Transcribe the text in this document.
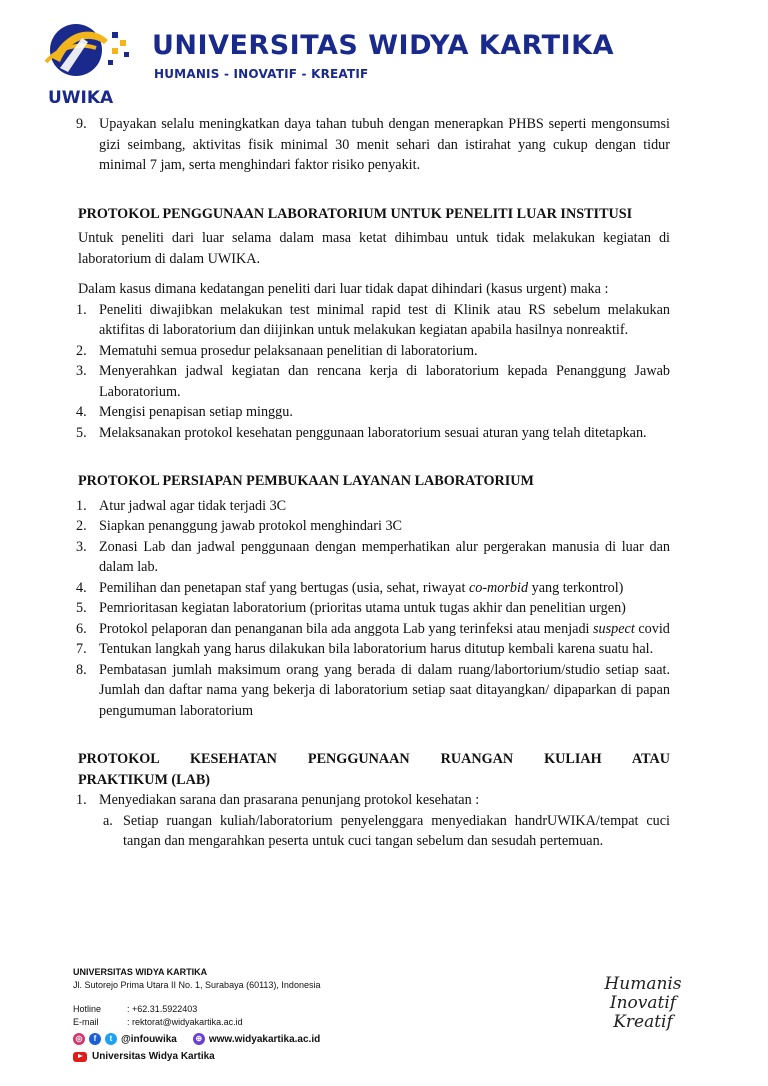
UWIKA
UNIVERSITAS WIDYA KARTIKA
HUMANIS - INOVATIF - KREATIF
9. Upayakan selalu meningkatkan daya tahan tubuh dengan menerapkan PHBS seperti mengonsumsi gizi seimbang, aktivitas fisik minimal 30 menit sehari dan istirahat yang cukup dengan tidur minimal 7 jam, serta menghindari faktor risiko penyakit.

PROTOKOL PENGGUNAAN LABORATORIUM UNTUK PENELITI LUAR INSTITUSI

Untuk peneliti dari luar selama dalam masa ketat dihimbau untuk tidak melakukan kegiatan di laboratorium di dalam UWIKA.

Dalam kasus dimana kedatangan peneliti dari luar tidak dapat dihindari (kasus urgent) maka :

1. Peneliti diwajibkan melakukan test minimal rapid test di Klinik atau RS sebelum melakukan aktifitas di laboratorium dan diijinkan untuk melakukan kegiatan apabila hasilnya nonreaktif.
2. Mematuhi semua prosedur pelaksanaan penelitian di laboratorium.
3. Menyerahkan jadwal kegiatan dan rencana kerja di laboratorium kepada Penanggung Jawab Laboratorium.
4. Mengisi penapisan setiap minggu.
5. Melaksanakan protokol kesehatan penggunaan laboratorium sesuai aturan yang telah ditetapkan.

PROTOKOL PERSIAPAN PEMBUKAAN LAYANAN LABORATORIUM

1. Atur jadwal agar tidak terjadi 3C
2. Siapkan penanggung jawab protokol menghindari 3C
3. Zonasi Lab dan jadwal penggunaan dengan memperhatikan alur pergerakan manusia di luar dan dalam lab.
4. Pemilihan dan penetapan staf yang bertugas (usia, sehat, riwayat co-morbid yang terkontrol)
5. Pemrioritasan kegiatan laboratorium (prioritas utama untuk tugas akhir dan penelitian urgen)
6. Protokol pelaporan dan penanganan bila ada anggota Lab yang terinfeksi atau menjadi suspect covid
7. Tentukan langkah yang harus dilakukan bila laboratorium harus ditutup kembali karena suatu hal.
8. Pembatasan jumlah maksimum orang yang berada di dalam ruang/labortorium/studio setiap saat. Jumlah dan daftar nama yang bekerja di laboratorium setiap saat ditayangkan/ dipaparkan di papan pengumuman laboratorium

PROTOKOL KESEHATAN PENGGUNAAN RUANGAN KULIAH ATAU

PRAKTIKUM (LAB)

1. Menyediakan sarana dan prasarana penunjang protokol kesehatan :
a. Setiap ruangan kuliah/laboratorium penyelenggara menyediakan handrUWIKA/tempat cuci tangan dan mengarahkan peserta untuk cuci tangan sebelum dan sesudah pertemuan.
UNIVERSITAS WIDYA KARTIKA
Jl. Sutorejo Prima Utara II No. 1, Surabaya (60113), Indonesia
Hotline	: +62.31.5922403
E-mail	: rektorat@widyakartika.ac.id
◎	f	t @infouwika	⊕ www.widyakartika.ac.id
Universitas Widya Kartika
Humanis
Inovatif
Kreatif
